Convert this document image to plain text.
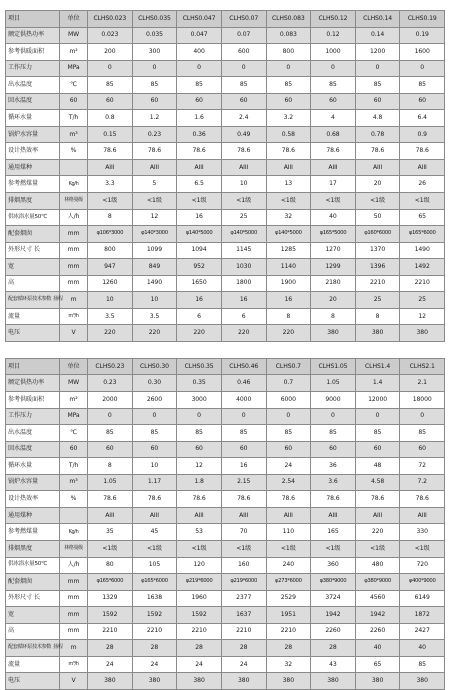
项目	单位	CLHS0.023	CLHS0.035	CLHS0.047	CLHS0.07	CLHS0.083	CLHS0.12	CLHS0.14	CLHS0.19
额定供热功率	MW	0.023	0.035	0.047	0.07	0.083	0.12	0.14	0.19
参考供暖面积	m²	200	300	400	600	800	1000	1200	1600
工作压力	MPa	0	0	0	0	0	0	0	0
出水温度	℃	85	85	85	85	85	85	85	85
回水温度	60	60	60	60	60	60	60	60	60
循环水量	T/h	0.8	1.2	1.6	2.4	3.2	4	4.8	6.4
锅炉水容量	m³	0.15	0.23	0.36	0.49	0.58	0.68	0.78	0.9
设计热效率	%	78.6	78.6	78.6	78.6	78.6	78.6	78.6	78.6
通用煤种		AIII	AIII	AIII	AIII	AIII	AIII	AIII	AIII
参考燃煤量	Kg/h	3.3	5	6.5	10	13	17	20	26
排烟黑度	林格曼级	<1级	<1级	<1级	<1级	<1级	<1级	<1级	<1级
供冰浴水量50℃	人/h	8	12	16	25	32	40	50	65
配套烟囱	mm	φ106*3000	φ140*3000	φ140*5000	φ140*5000	φ140*5000	φ165*5000	φ160*6000	φ165*6000
外形尺寸 长	mm	800	1099	1094	1145	1285	1270	1370	1490
宽	mm	947	849	952	1030	1140	1299	1396	1492
高	mm	1260	1490	1650	1800	1900	2180	2210	2210
配套循环泵技术参数 扬程	m	10	10	16	16	16	20	25	25
流量	m³/h	3.5	3.5	6	6	8	8	8	12
电压	V	220	220	220	220	220	380	380	380
项目	单位	CLHS0.23	CLHS0.30	CLHS0.35	CLHS0.46	CLHS0.7	CLHS1.05	CLHS1.4	CLHS2.1
额定供热功率	MW	0.23	0.30	0.35	0.46	0.7	1.05	1.4	2.1
参考供暖面积	m²	2000	2600	3000	4000	6000	9000	12000	18000
工作压力	MPa	0	0	0	0	0	0	0	0
出水温度	℃	85	85	85	85	85	85	85	85
回水温度	60	60	60	60	60	60	60	60	60
循环水量	T/h	8	10	12	16	24	36	48	72
锅炉水容量	m³	1.05	1.17	1.8	2.15	2.54	3.6	4.58	7.2
设计热效率	%	78.6	78.6	78.6	78.6	78.6	78.6	78.6	78.6
通用煤种		AIII	AIII	AIII	AIII	AIII	AIII	AIII	AIII
参考燃煤量	Kg/h	35	45	53	70	110	165	220	330
排烟黑度	林格曼级	<1级	<1级	<1级	<1级	<1级	<1级	<1级	<1级
供冰浴水量50℃	人/h	80	105	120	160	240	360	480	720
配套烟囱	mm	φ165*6000	φ165*6000	φ219*6000	φ219*6000	φ273*6000	φ380*9000	φ380*9000	φ400*9000
外形尺寸 长	mm	1329	1638	1960	2377	2529	3724	4560	6149
宽	mm	1592	1592	1592	1637	1951	1942	1942	1872
高	mm	2210	2210	2210	2210	2210	2260	2260	2427
配套循环泵技术参数 扬程	m	28	28	28	28	28	28	40	40
流量	m³/h	24	24	24	24	32	43	65	85
电压	V	380	380	380	380	380	380	380	380
